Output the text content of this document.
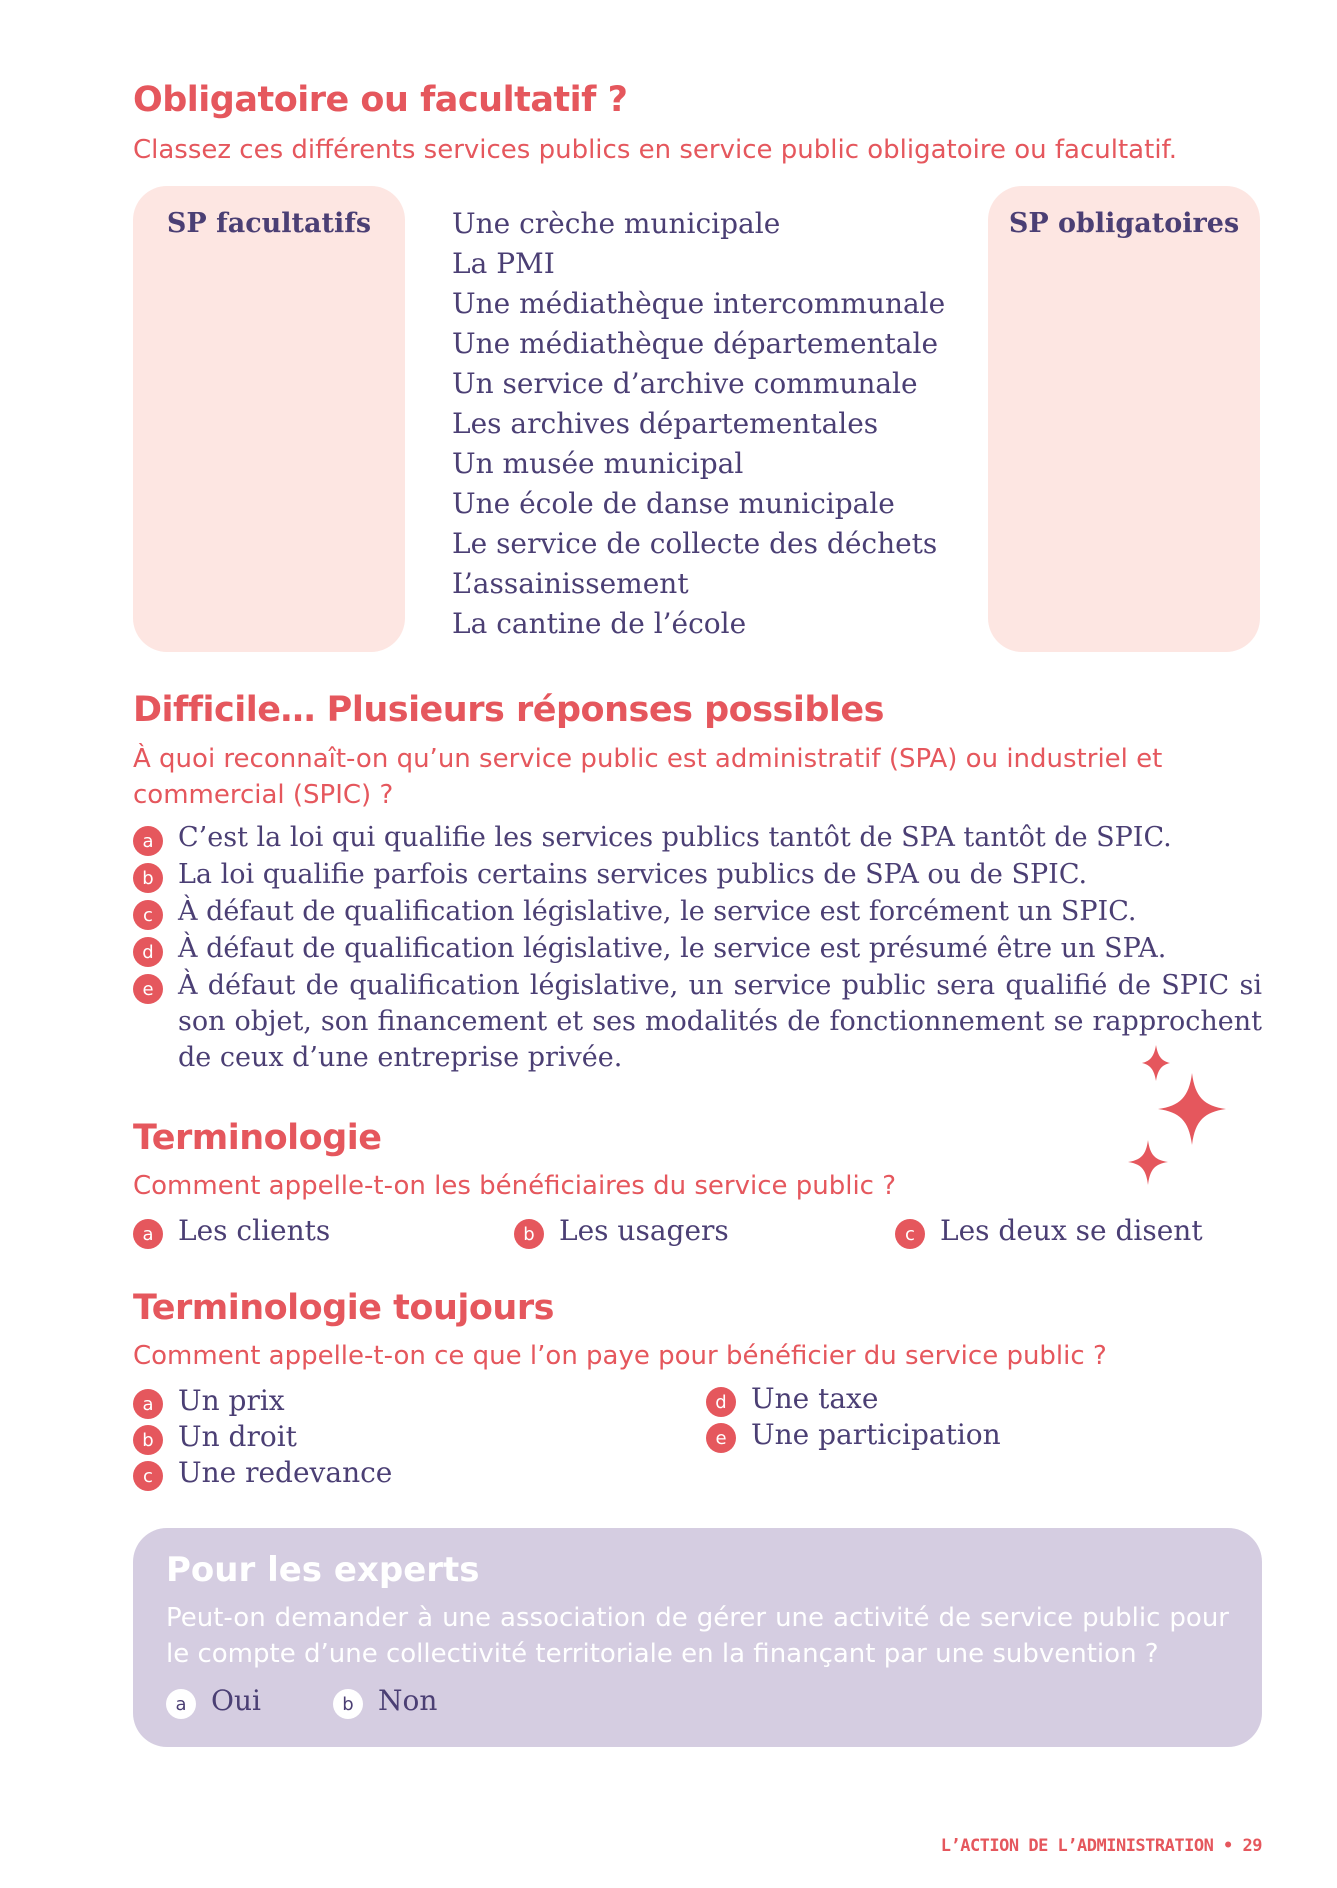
Obligatoire ou facultatif ?

Classez ces différents services publics en service public obligatoire ou facultatif.

SP facultatifs	SP obligatoires
Une crèche municipale
La PMI
Une médiathèque intercommunale
Une médiathèque départementale
Un service d’archive communale
Les archives départementales
Un musée municipal
Une école de danse municipale
Le service de collecte des déchets
L’assainissement
La cantine de l’école
Difficile… Plusieurs réponses possibles

À quoi reconnaît-on qu’un service public est administratif (SPA) ou industriel et commercial (SPIC) ?

a C’est la loi qui qualifie les services publics tantôt de SPA tantôt de SPIC.
b La loi qualifie parfois certains services publics de SPA ou de SPIC.
c À défaut de qualification législative, le service est forcément un SPIC.
d À défaut de qualification législative, le service est présumé être un SPA.
e À défaut de qualification législative, un service public sera qualifié de SPIC si son objet, son financement et ses modalités de fonctionnement se rapprochent de ceux d’une entreprise privée.
Terminologie

Comment appelle-t-on les bénéficiaires du service public ?

a Les clients	b Les usagers	c Les deux se disent
Terminologie toujours

Comment appelle-t-on ce que l’on paye pour bénéficier du service public ?

a Un prix
b Un droit
c Une redevance
d Une taxe
e Une participation
Pour les experts

Peut-on demander à une association de gérer une activité de service public pour le compte d’une collectivité territoriale en la finançant par une subvention ?

a Oui	b Non
L’ACTION DE L’ADMINISTRATION • 29
